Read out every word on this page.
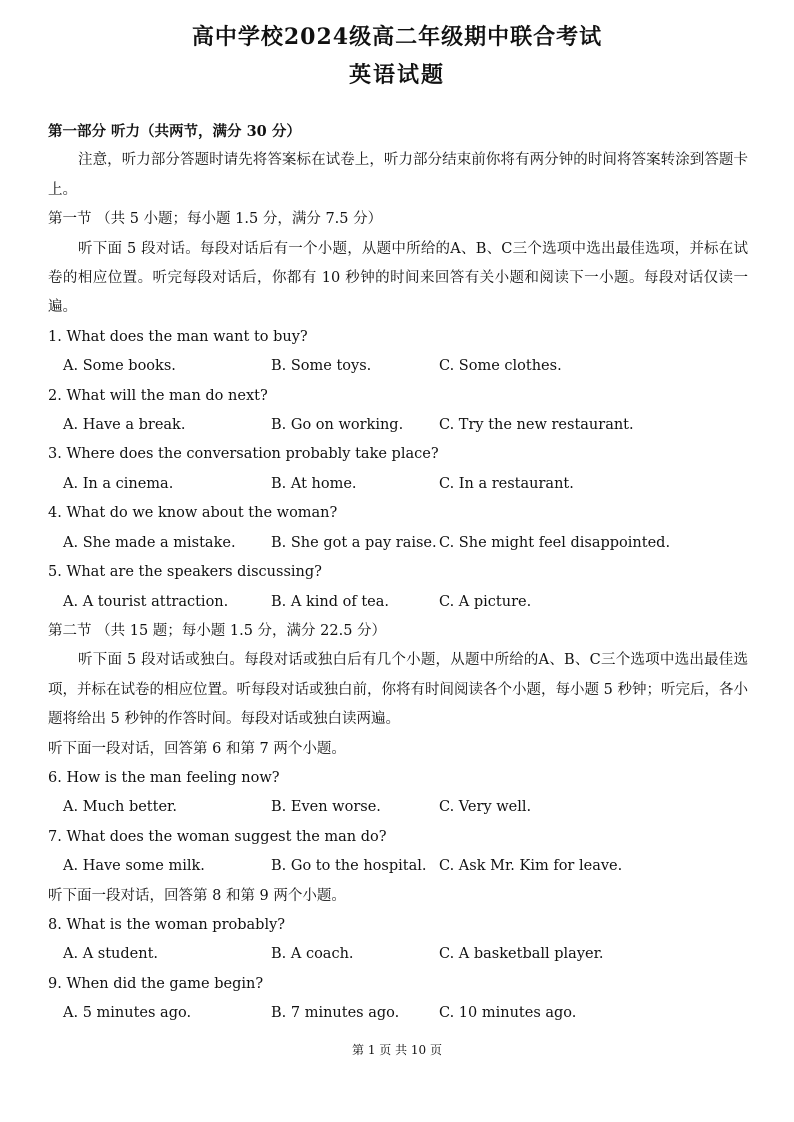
高中学校2024级高二年级期中联合考试
英语试题
第一部分 听力（共两节，满分 30 分）
注意，听力部分答题时请先将答案标在试卷上，听力部分结束前你将有两分钟的时间将答案转涂到答题卡上。
第一节 （共 5 小题；每小题 1.5 分，满分 7.5 分）
听下面 5 段对话。每段对话后有一个小题，从题中所给的A、B、C三个选项中选出最佳选项，并标在试卷的相应位置。听完每段对话后，你都有 10 秒钟的时间来回答有关小题和阅读下一小题。每段对话仅读一遍。
1. What does the man want to buy?
A. Some books.	B. Some toys.	C. Some clothes.
2. What will the man do next?
A. Have a break.	B. Go on working.	C. Try the new restaurant.
3. Where does the conversation probably take place?
A. In a cinema.	B. At home.	C. In a restaurant.
4. What do we know about the woman?
A. She made a mistake.	B. She got a pay raise. C. She might feel disappointed.
5. What are the speakers discussing?
A. A tourist attraction.	B. A kind of tea.	C. A picture.
第二节 （共 15 题；每小题 1.5 分，满分 22.5 分）
听下面 5 段对话或独白。每段对话或独白后有几个小题，从题中所给的A、B、C三个选项中选出最佳选项，并标在试卷的相应位置。听每段对话或独白前，你将有时间阅读各个小题，每小题 5 秒钟；听完后，各小题将给出 5 秒钟的作答时间。每段对话或独白读两遍。
听下面一段对话，回答第 6 和第 7 两个小题。
6. How is the man feeling now?
A. Much better.	B. Even worse.	C. Very well.
7. What does the woman suggest the man do?
A. Have some milk.	B. Go to the hospital. C. Ask Mr. Kim for leave.
听下面一段对话，回答第 8 和第 9 两个小题。
8. What is the woman probably?
A. A student.	B. A coach.	C. A basketball player.
9. When did the game begin?
A. 5 minutes ago.	B. 7 minutes ago.	C. 10 minutes ago.
第 1 页 共 10 页
